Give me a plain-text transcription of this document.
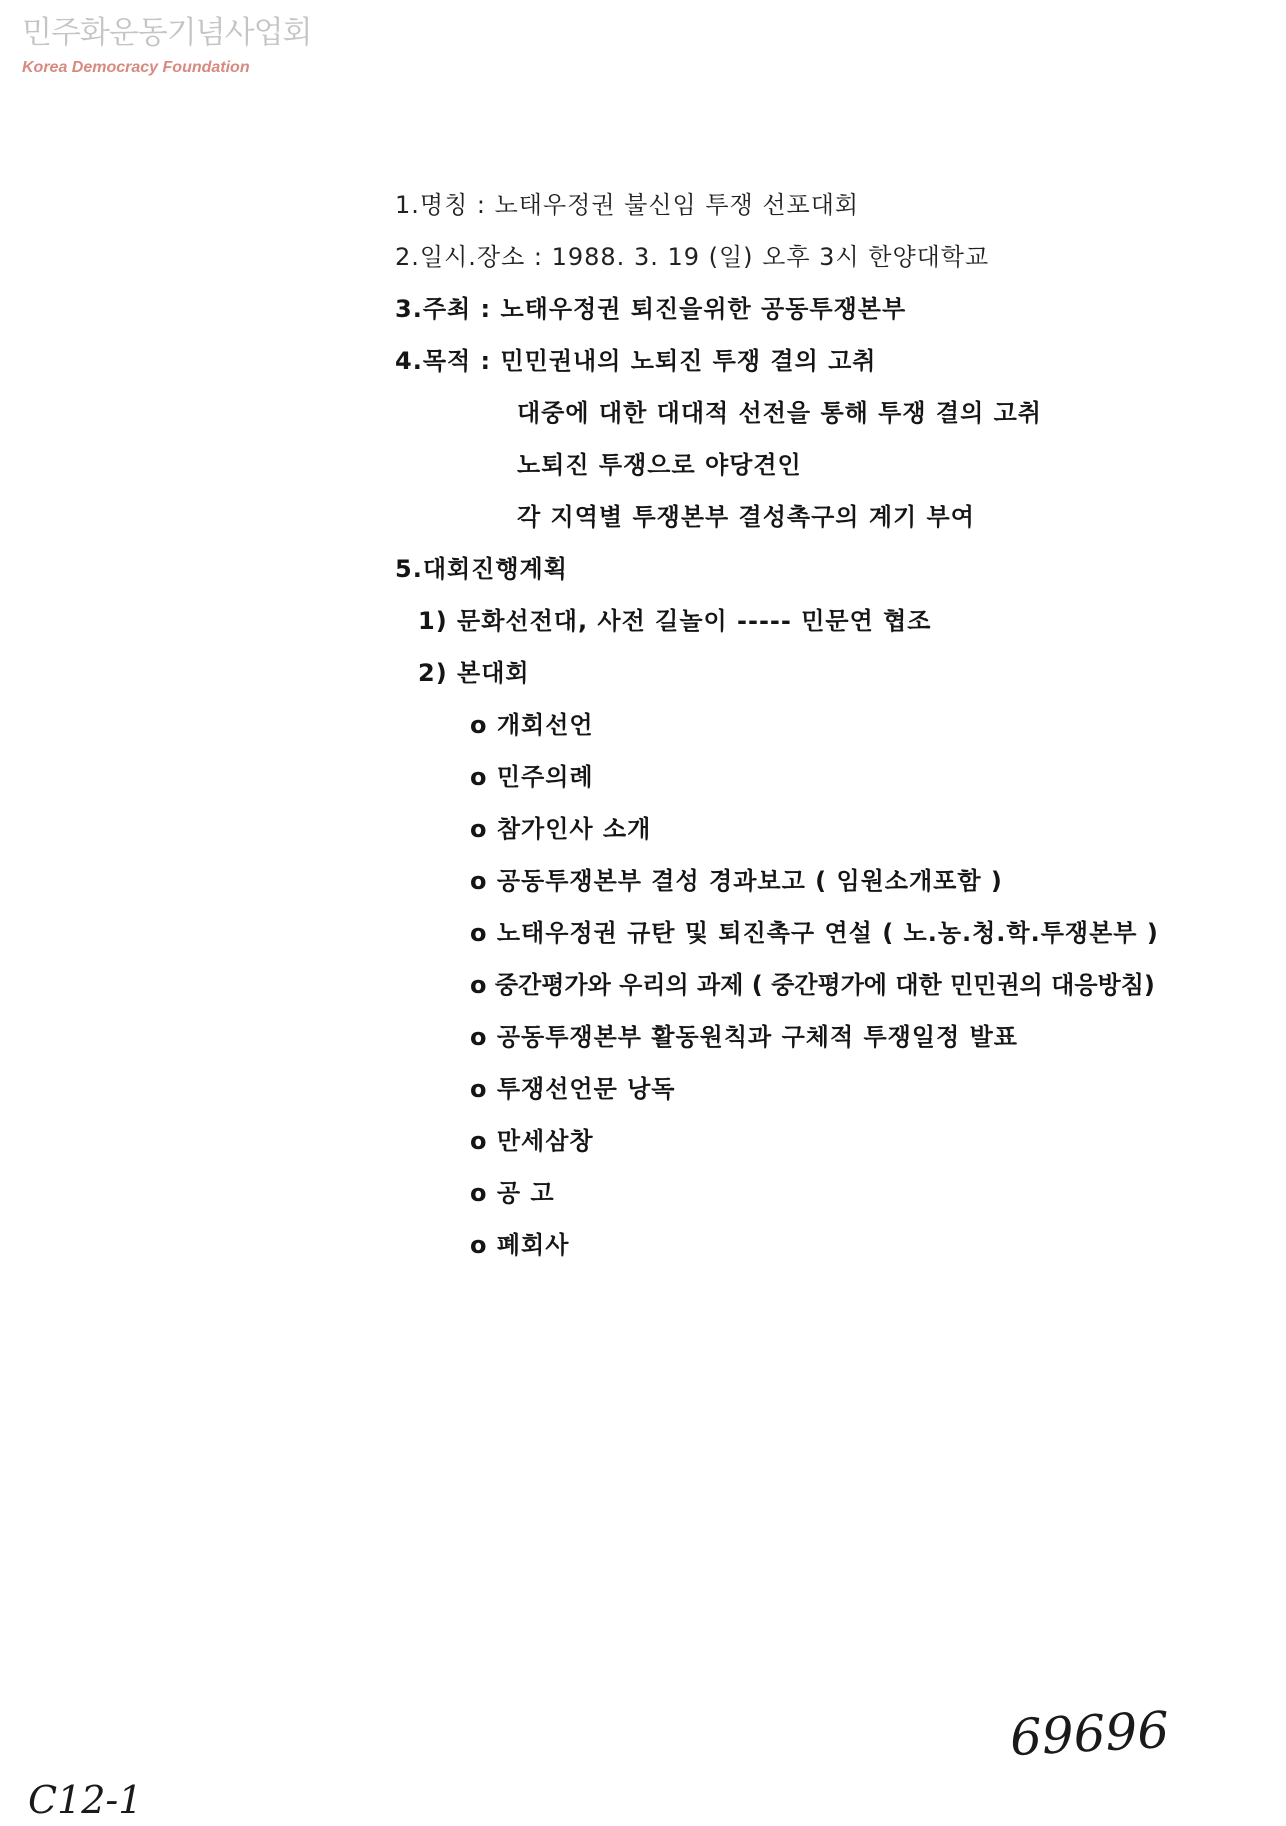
민주화운동기념사업회
Korea Democracy Foundation
1.명칭 : 노태우정권 불신임 투쟁 선포대회
2.일시.장소 : 1988. 3. 19 (일) 오후 3시 한양대학교
3.주최 : 노태우정권 퇴진을위한 공동투쟁본부
4.목적 : 민민권내의 노퇴진 투쟁 결의 고취
대중에 대한 대대적 선전을 통해 투쟁 결의 고취
노퇴진 투쟁으로 야당견인
각 지역별 투쟁본부 결성촉구의 계기 부여
5.대회진행계획
1) 문화선전대, 사전 길놀이 ----- 민문연 협조
2) 본대회
o 개회선언
o 민주의례
o 참가인사 소개
o 공동투쟁본부 결성 경과보고 ( 임원소개포함 )
o 노태우정권 규탄 및 퇴진촉구 연설 ( 노.농.청.학.투쟁본부 )
o 중간평가와 우리의 과제 ( 중간평가에 대한 민민권의 대응방침)
o 공동투쟁본부 활동원칙과 구체적 투쟁일정 발표
o 투쟁선언문 낭독
o 만세삼창
o 공 고
o 폐회사
69696
C12-1
